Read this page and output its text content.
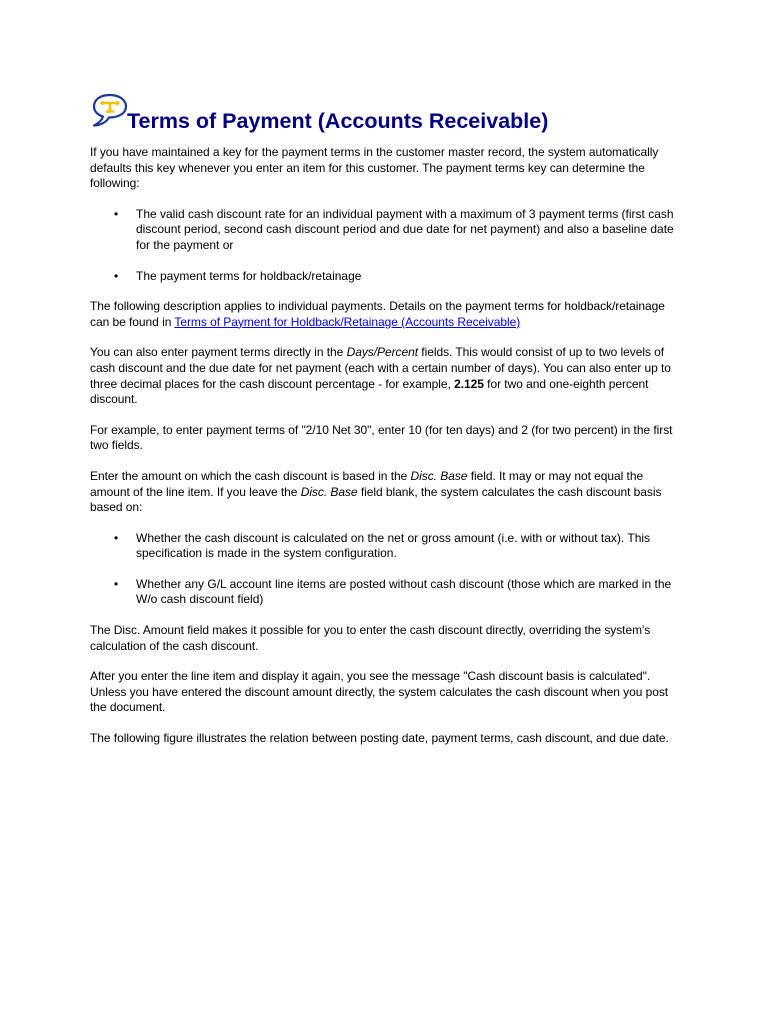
Terms of Payment (Accounts Receivable)

If you have maintained a key for the payment terms in the customer master record, the system automatically defaults this key whenever you enter an item for this customer. The payment terms key can determine the following:

• The valid cash discount rate for an individual payment with a maximum of 3 payment terms (first cash discount period, second cash discount period and due date for net payment) and also a baseline date for the payment or
• The payment terms for holdback/retainage

The following description applies to individual payments. Details on the payment terms for holdback/retainage can be found in Terms of Payment for Holdback/Retainage (Accounts Receivable)

You can also enter payment terms directly in the Days/Percent fields. This would consist of up to two levels of cash discount and the due date for net payment (each with a certain number of days). You can also enter up to three decimal places for the cash discount percentage - for example, 2.125 for two and one-eighth percent discount.

For example, to enter payment terms of "2/10 Net 30", enter 10 (for ten days) and 2 (for two percent) in the first two fields.

Enter the amount on which the cash discount is based in the Disc. Base field. It may or may not equal the amount of the line item. If you leave the Disc. Base field blank, the system calculates the cash discount basis based on:

• Whether the cash discount is calculated on the net or gross amount (i.e. with or without tax). This specification is made in the system configuration.
• Whether any G/L account line items are posted without cash discount (those which are marked in the W/o cash discount field)

The Disc. Amount field makes it possible for you to enter the cash discount directly, overriding the system's calculation of the cash discount.

After you enter the line item and display it again, you see the message "Cash discount basis is calculated". Unless you have entered the discount amount directly, the system calculates the cash discount when you post the document.

The following figure illustrates the relation between posting date, payment terms, cash discount, and due date.
